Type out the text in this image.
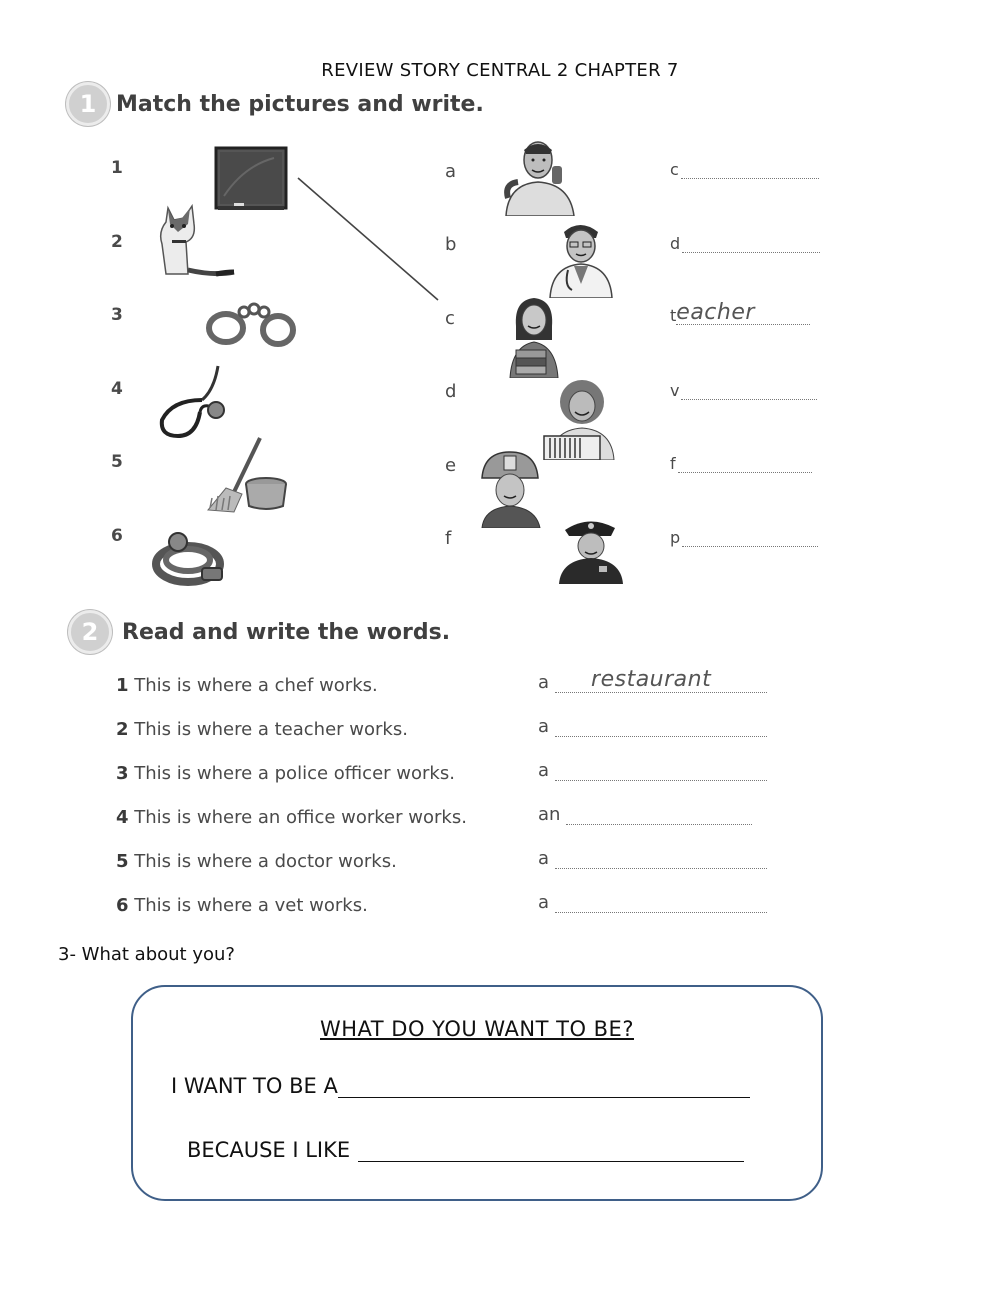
REVIEW STORY CENTRAL 2 CHAPTER 7
1 Match the pictures and write.
1
2
3
4
5
6
a
b
c
d
e
f
c
d
t eacher
v
f
p
2	Read and write the words.
1 This is where a chef works.
2 This is where a teacher works.
3 This is where a police officer works.
4 This is where an office worker works.
5 This is where a doctor works.
6 This is where a vet works.
a restaurant
a
a
an
a
a
3- What about you?
WHAT DO YOU WANT TO BE?
I WANT TO BE A
BECAUSE I LIKE
